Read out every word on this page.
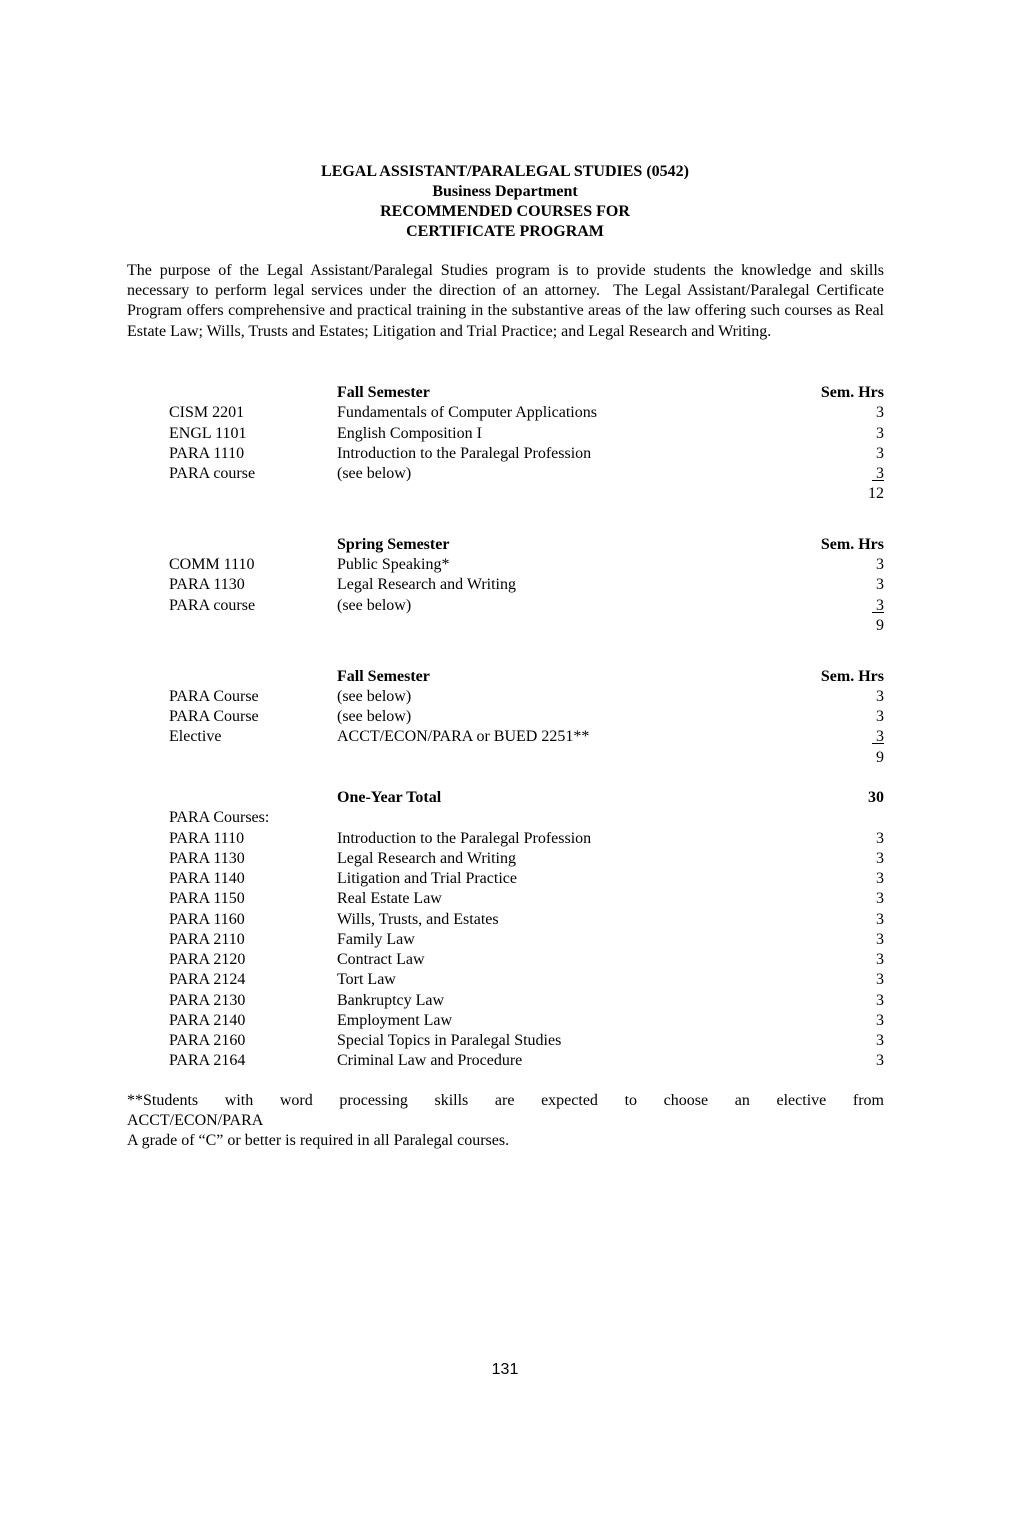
LEGAL ASSISTANT/PARALEGAL STUDIES (0542)
Business Department
RECOMMENDED COURSES FOR
CERTIFICATE PROGRAM

The purpose of the Legal Assistant/Paralegal Studies program is to provide students the knowledge and skills necessary to perform legal services under the direction of an attorney.  The Legal Assistant/Paralegal Certificate Program offers comprehensive and practical training in the substantive areas of the law offering such courses as Real Estate Law; Wills, Trusts and Estates; Litigation and Trial Practice; and Legal Research and Writing.

Fall Semester	Sem. Hrs
CISM 2201	Fundamentals of Computer Applications	3
ENGL 1101	English Composition I	3
PARA 1110	Introduction to the Paralegal Profession	3
PARA course	(see below)	3
12
Spring Semester	Sem. Hrs
COMM 1110	Public Speaking*	3
PARA 1130	Legal Research and Writing	3
PARA course	(see below)	3
9
Fall Semester	Sem. Hrs
PARA Course	(see below)	3
PARA Course	(see below)	3
Elective	ACCT/ECON/PARA or BUED 2251**	3
9
One-Year Total	30
PARA Courses:
PARA 1110	Introduction to the Paralegal Profession	3
PARA 1130	Legal Research and Writing	3
PARA 1140	Litigation and Trial Practice	3
PARA 1150	Real Estate Law	3
PARA 1160	Wills, Trusts, and Estates	3
PARA 2110	Family Law	3
PARA 2120	Contract Law	3
PARA 2124	Tort Law	3
PARA 2130	Bankruptcy Law	3
PARA 2140	Employment Law	3
PARA 2160	Special Topics in Paralegal Studies	3
PARA 2164	Criminal Law and Procedure	3
**Students with word processing skills are expected to choose an elective from
ACCT/ECON/PARA
A grade of “C” or better is required in all Paralegal courses.
131
